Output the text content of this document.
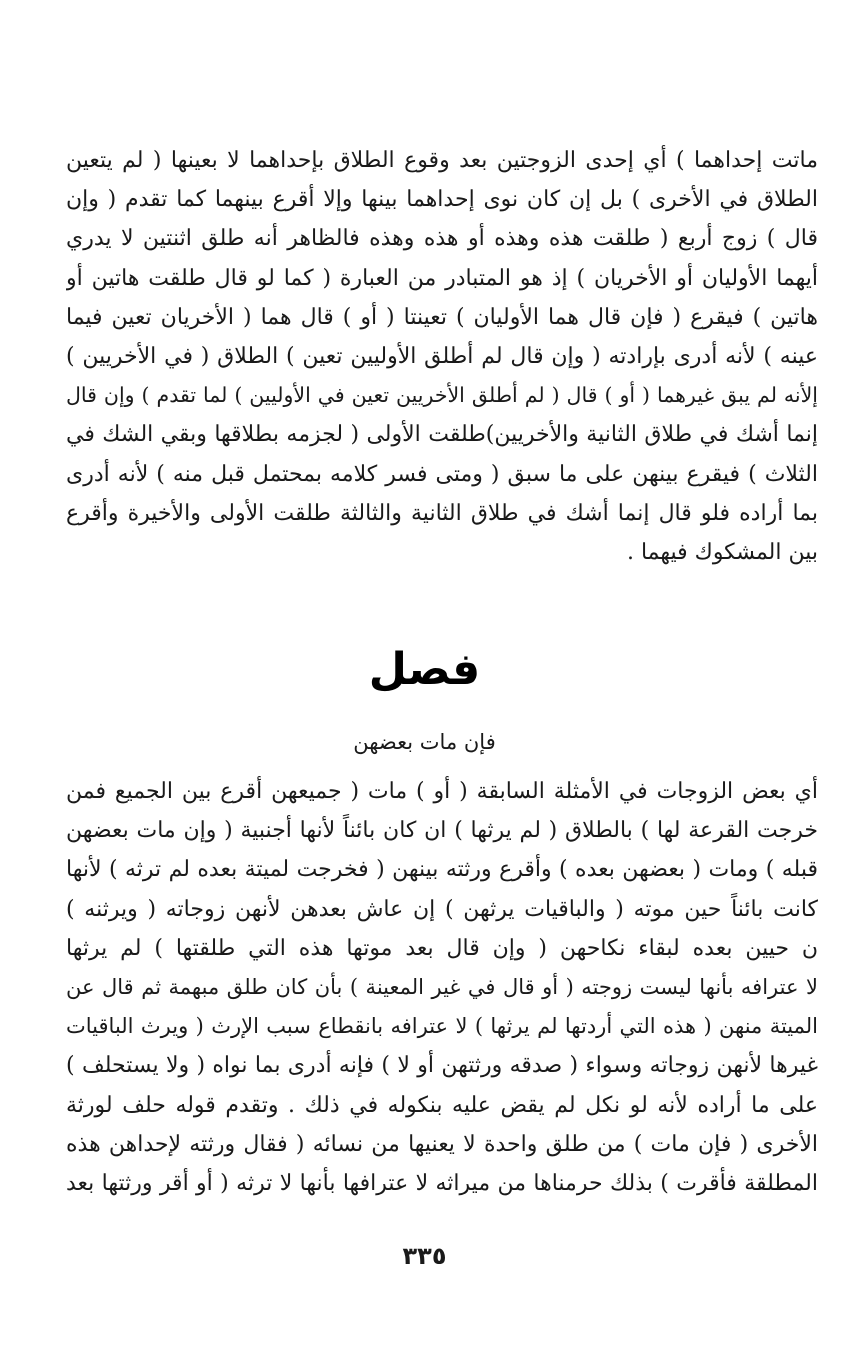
ماتت إحداهما ) أي إحدى الزوجتين بعد وقوع الطلاق بإحداهما لا بعينها ( لم يتعين
الطلاق في الأخرى ) بل إن كان نوى إحداهما بينها وإلا أقرع بينهما كما تقدم ( وإن
قال ) زوج أربع ( طلقت هذه وهذه أو هذه وهذه فالظاهر أنه طلق اثنتين لا يدري
أيهما الأوليان أو الأخريان ) إذ هو المتبادر من العبارة ( كما لو قال طلقت هاتين أو
هاتين ) فيقرع ( فإن قال هما الأوليان ) تعينتا ( أو ) قال هما ( الأخريان تعين فيما
عينه ) لأنه أدرى بإرادته ( وإن قال لم أطلق الأوليين تعين ) الطلاق ( في الأخريين )
إلأنه لم يبق غيرهما ( أو ) قال ( لم أطلق الأخريين تعين في الأوليين ) لما تقدم ) وإن قال
إنما أشك في طلاق الثانية والأخريين)طلقت الأولى ( لجزمه بطلاقها وبقي الشك في
الثلاث ) فيقرع بينهن على ما سبق ( ومتى فسر كلامه بمحتمل قبل منه ) لأنه أدرى
بما أراده فلو قال إنما أشك في طلاق الثانية والثالثة طلقت الأولى والأخيرة وأقرع
بين المشكوك فيهما .
فصل
فإن مات بعضهن
أي بعض الزوجات في الأمثلة السابقة ( أو ) مات ( جميعهن أقرع بين الجميع فمن
خرجت القرعة لها ) بالطلاق ( لم يرثها ) ان كان بائناً لأنها أجنبية ( وإن مات بعضهن
قبله ) ومات ( بعضهن بعده ) وأقرع ورثته بينهن ( فخرجت لميتة بعده لم ترثه ) لأنها
كانت بائناً حين موته ( والباقيات يرثهن ) إن عاش بعدهن لأنهن زوجاته ( ويرثنه )
ن حيين بعده لبقاء نكاحهن ( وإن قال بعد موتها هذه التي طلقتها ) لم يرثها
لا عترافه بأنها ليست زوجته ( أو قال في غير المعينة ) بأن كان طلق مبهمة ثم قال عن
الميتة منهن ( هذه التي أردتها لم يرثها ) لا عترافه بانقطاع سبب الإرث ( ويرث الباقيات
غيرها لأنهن زوجاته وسواء ( صدقه ورثتهن أو لا ) فإنه أدرى بما نواه ( ولا يستحلف )
على ما أراده لأنه لو نكل لم يقض عليه بنكوله في ذلك . وتقدم قوله حلف لورثة
الأخرى ( فإن مات ) من طلق واحدة لا يعنيها من نسائه ( فقال ورثته لإحداهن هذه
المطلقة فأقرت ) بذلك حرمناها من ميراثه لا عترافها بأنها لا ترثه ( أو أقر ورثتها بعد
٣٣٥
